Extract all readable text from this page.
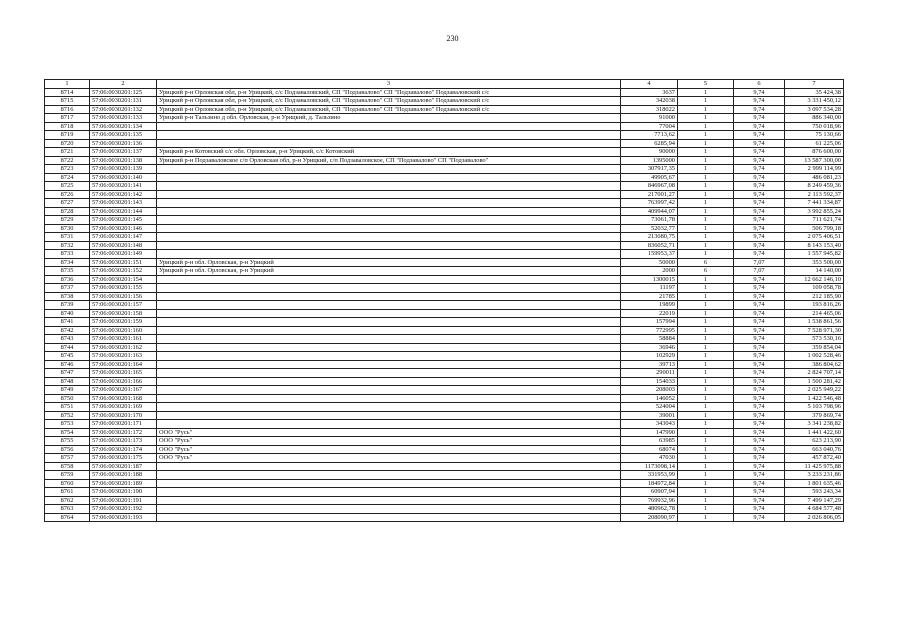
230
1	2	3	4	5	6	7
8714	57:06:0030201:125	Урицкий р-н Орловская обл, р-н Урицкий, с/с Подзаваловский, СП "Подзавалово" СП "Подзавалово" Подзаваловский с/с	3637	1	9,74	35 424,38
8715	57:06:0030201:131	Урицкий р-н Орловская обл, р-н Урицкий, с/с Подзаваловский, СП "Подзавалово" СП "Подзавалово" Подзаваловский с/с	342038	1	9,74	3 331 450,12
8716	57:06:0030201:132	Урицкий р-н Орловская обл, р-н Урицкий, с/с Подзаваловский, СП "Подзавалово" СП "Подзавалово" Подзаваловский с/с	318022	1	9,74	3 097 534,28
8717	57:06:0030201:133	Урицкий р-н Тальзино д обл. Орловская, р-н Урицкий, д. Тальзино	91000	1	9,74	886 340,00
8718	57:06:0030201:134		77004	1	9,74	750 018,96
8719	57:06:0030201:135		7713,62	1	9,74	75 130,66
8720	57:06:0030201:136		6285,94	1	9,74	61 225,06
8721	57:06:0030201:137	Урицкий р-н Котовский с/с обл. Орловская, р-н Урицкий, с/с Котовский	90000	1	9,74	876 600,00
8722	57:06:0030201:138	Урицкий р-н Подзаваловское с/п Орловская обл, р-н Урицкий, с/п Подзаваловское, СП "Подзавалово" СП "Подзавалово"	1395000	1	9,74	13 587 300,00
8723	57:06:0030201:139		307917,35	1	9,74	2 999 114,99
8724	57:06:0030201:140		49905,67	1	9,74	486 081,23
8725	57:06:0030201:141		846967,08	1	9,74	8 249 459,36
8726	57:06:0030201:142		217001,27	1	9,74	2 113 592,37
8727	57:06:0030201:143		763997,42	1	9,74	7 441 334,87
8728	57:06:0030201:144		409944,07	1	9,74	3 992 855,24
8729	57:06:0030201:145		73061,78	1	9,74	711 621,74
8730	57:06:0030201:146		52032,77	1	9,74	506 799,18
8731	57:06:0030201:147		213080,75	1	9,74	2 075 406,51
8732	57:06:0030201:148		836052,71	1	9,74	8 143 153,40
8733	57:06:0030201:149		159953,37	1	9,74	1 557 945,82
8734	57:06:0030201:151	Урицкий р-н обл. Орловская, р-н Урицкий	50000	6	7,07	353 500,00
8735	57:06:0030201:152	Урицкий р-н обл. Орловская, р-н Урицкий	2000	6	7,07	14 140,00
8736	57:06:0030201:154		1300015	1	9,74	12 662 146,10
8737	57:06:0030201:155		11197	1	9,74	109 058,78
8738	57:06:0030201:156		21785	1	9,74	212 185,90
8739	57:06:0030201:157		19899	1	9,74	193 816,26
8740	57:06:0030201:158		22019	1	9,74	214 465,06
8741	57:06:0030201:159		157994	1	9,74	1 538 861,56
8742	57:06:0030201:160		772995	1	9,74	7 528 971,30
8743	57:06:0030201:161		58884	1	9,74	573 530,16
8744	57:06:0030201:162		36946	1	9,74	359 854,04
8745	57:06:0030201:163		102929	1	9,74	1 002 528,46
8746	57:06:0030201:164		39713	1	9,74	386 804,62
8747	57:06:0030201:165		290011	1	9,74	2 824 707,14
8748	57:06:0030201:166		154033	1	9,74	1 500 281,42
8749	57:06:0030201:167		208003	1	9,74	2 025 949,22
8750	57:06:0030201:168		146052	1	9,74	1 422 546,48
8751	57:06:0030201:169		524004	1	9,74	5 103 798,96
8752	57:06:0030201:170		39001	1	9,74	379 869,74
8753	57:06:0030201:171		343043	1	9,74	3 341 238,82
8754	57:06:0030201:172	ООО "Русь"	147990	1	9,74	1 441 422,60
8755	57:06:0030201:173	ООО "Русь"	63985	1	9,74	623 213,90
8756	57:06:0030201:174	ООО "Русь"	68074	1	9,74	663 040,76
8757	57:06:0030201:175	ООО "Русь"	47030	1	9,74	457 872,40
8758	57:06:0030201:187		1173098,14	1	9,74	11 425 975,88
8759	57:06:0030201:188		331953,99	1	9,74	3 233 231,86
8760	57:06:0030201:189		184972,84	1	9,74	1 801 635,46
8761	57:06:0030201:190		60907,94	1	9,74	593 243,34
8762	57:06:0030201:191		769932,96	1	9,74	7 499 147,29
8763	57:06:0030201:192		480962,78	1	9,74	4 684 577,48
8764	57:06:0030201:193		208090,97	1	9,74	2 026 806,05
